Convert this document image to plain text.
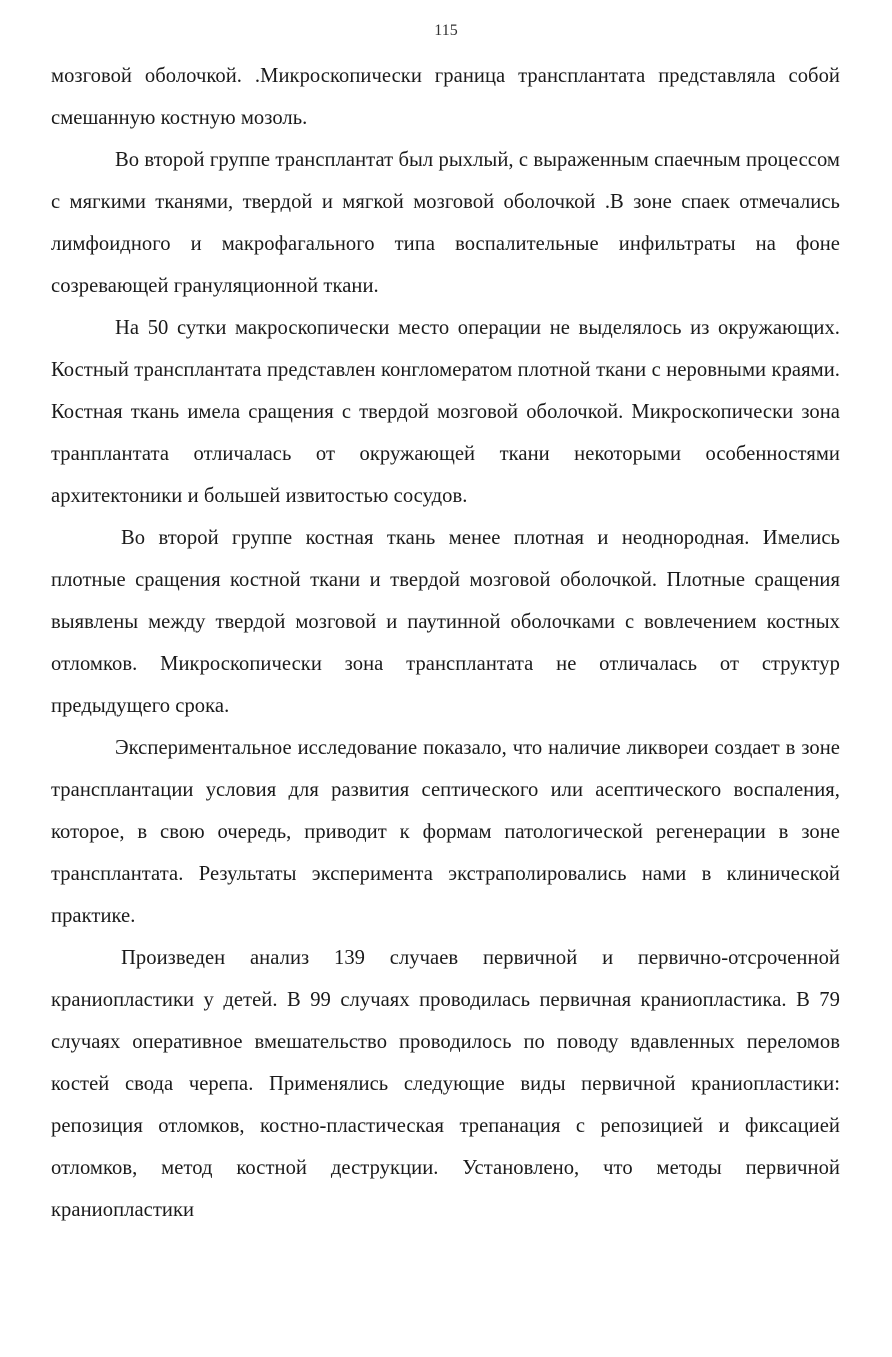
115

мозговой оболочкой. .Микроскопически граница трансплантата представляла собой смешанную костную мозоль.

Во второй группе трансплантат был рыхлый, с выраженным спаечным процессом с мягкими тканями, твердой и мягкой мозговой оболочкой .В зоне спаек отмечались лимфоидного и макрофагального типа воспалительные инфильтраты на фоне созревающей грануляционной ткани.

На 50 сутки макроскопически место операции не выделялось из окружающих. Костный трансплантата представлен конгломератом плотной ткани с неровными краями. Костная ткань имела сращения с твердой мозговой оболочкой. Микроскопически зона транплантата отличалась от окружающей ткани некоторыми особенностями архитектоники и большей извитостью сосудов.

Во второй группе костная ткань менее плотная и неоднородная. Имелись плотные сращения костной ткани и твердой мозговой оболочкой. Плотные сращения выявлены между твердой мозговой и паутинной оболочками с вовлечением костных отломков. Микроскопически зона трансплантата не отличалась от структур предыдущего срока.

Экспериментальное исследование показало, что наличие ликвореи создает в зоне трансплантации условия для развития септического или асептического воспаления, которое, в свою очередь, приводит к формам патологической регенерации в зоне трансплантата. Результаты эксперимента экстраполировались нами в клинической практике.

Произведен анализ 139 случаев первичной и первично-отсроченной краниопластики у детей. В 99 случаях проводилась первичная краниопластика. В 79 случаях оперативное вмешательство проводилось по поводу вдавленных переломов костей свода черепа. Применялись следующие виды первичной краниопластики: репозиция отломков, костно-пластическая трепанация с репозицией и фиксацией отломков, метод костной деструкции. Установлено, что методы первичной краниопластики
